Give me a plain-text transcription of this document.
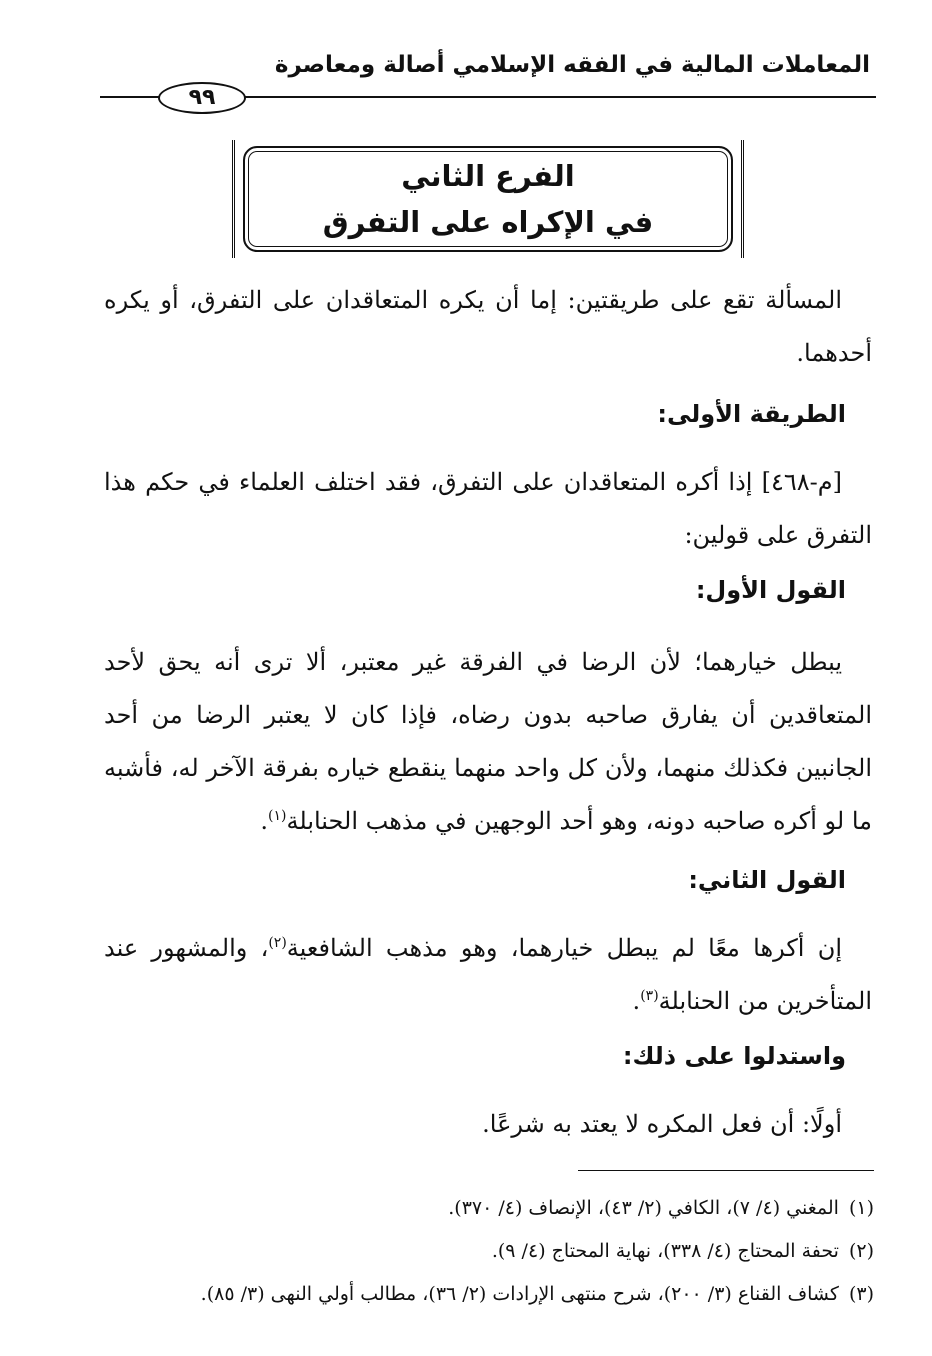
المعاملات المالية في الفقه الإسلامي أصالة ومعاصرة
٩٩
الفرع الثاني
في الإكراه على التفرق

المسألة تقع على طريقتين: إما أن يكره المتعاقدان على التفرق، أو يكره أحدهما.

الطريقة الأولى:

[م-٤٦٨] إذا أكره المتعاقدان على التفرق، فقد اختلف العلماء في حكم هذا التفرق على قولين:

القول الأول:

يبطل خيارهما؛ لأن الرضا في الفرقة غير معتبر، ألا ترى أنه يحق لأحد المتعاقدين أن يفارق صاحبه بدون رضاه، فإذا كان لا يعتبر الرضا من أحد الجانبين فكذلك منهما، ولأن كل واحد منهما ينقطع خياره بفرقة الآخر له، فأشبه ما لو أكره صاحبه دونه، وهو أحد الوجهين في مذهب الحنابلة$^{(١)}$.

القول الثاني:

إن أكرها معًا لم يبطل خيارهما، وهو مذهب الشافعية$^{(٢)}$، والمشهور عند المتأخرين من الحنابلة$^{(٣)}$.

واستدلوا على ذلك:

أولًا: أن فعل المكره لا يعتد به شرعًا.

(١)المغني (٤/ ٧)، الكافي (٢/ ٤٣)، الإنصاف (٤/ ٣٧٠).
(٢)تحفة المحتاج (٤/ ٣٣٨)، نهاية المحتاج (٤/ ٩).
(٣)كشاف القناع (٣/ ٢٠٠)، شرح منتهى الإرادات (٢/ ٣٦)، مطالب أولي النهى (٣/ ٨٥).
